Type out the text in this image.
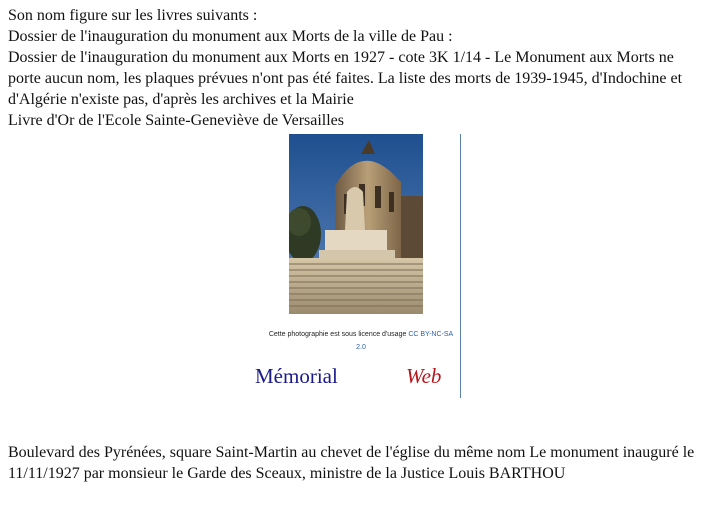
Son nom figure sur les livres suivants :

Dossier de l'inauguration du monument aux Morts de la ville de Pau :

Dossier de l'inauguration du monument aux Morts en 1927 - cote 3K 1/14 - Le Monument aux Morts ne porte aucun nom, les plaques prévues n'ont pas été faites. La liste des morts de 1939-1945, d'Indochine et d'Algérie n'existe pas, d'après les archives et la Mairie

Livre d'Or de l'Ecole Sainte-Geneviève de Versailles

Cette photographie est sous licence d'usage CC BY-NC-SA
2.0
Mémorial	Web

Boulevard des Pyrénées, square Saint-Martin au chevet de l'église du même nom Le monument inauguré le 11/11/1927 par monsieur le Garde des Sceaux, ministre de la Justice Louis BARTHOU
